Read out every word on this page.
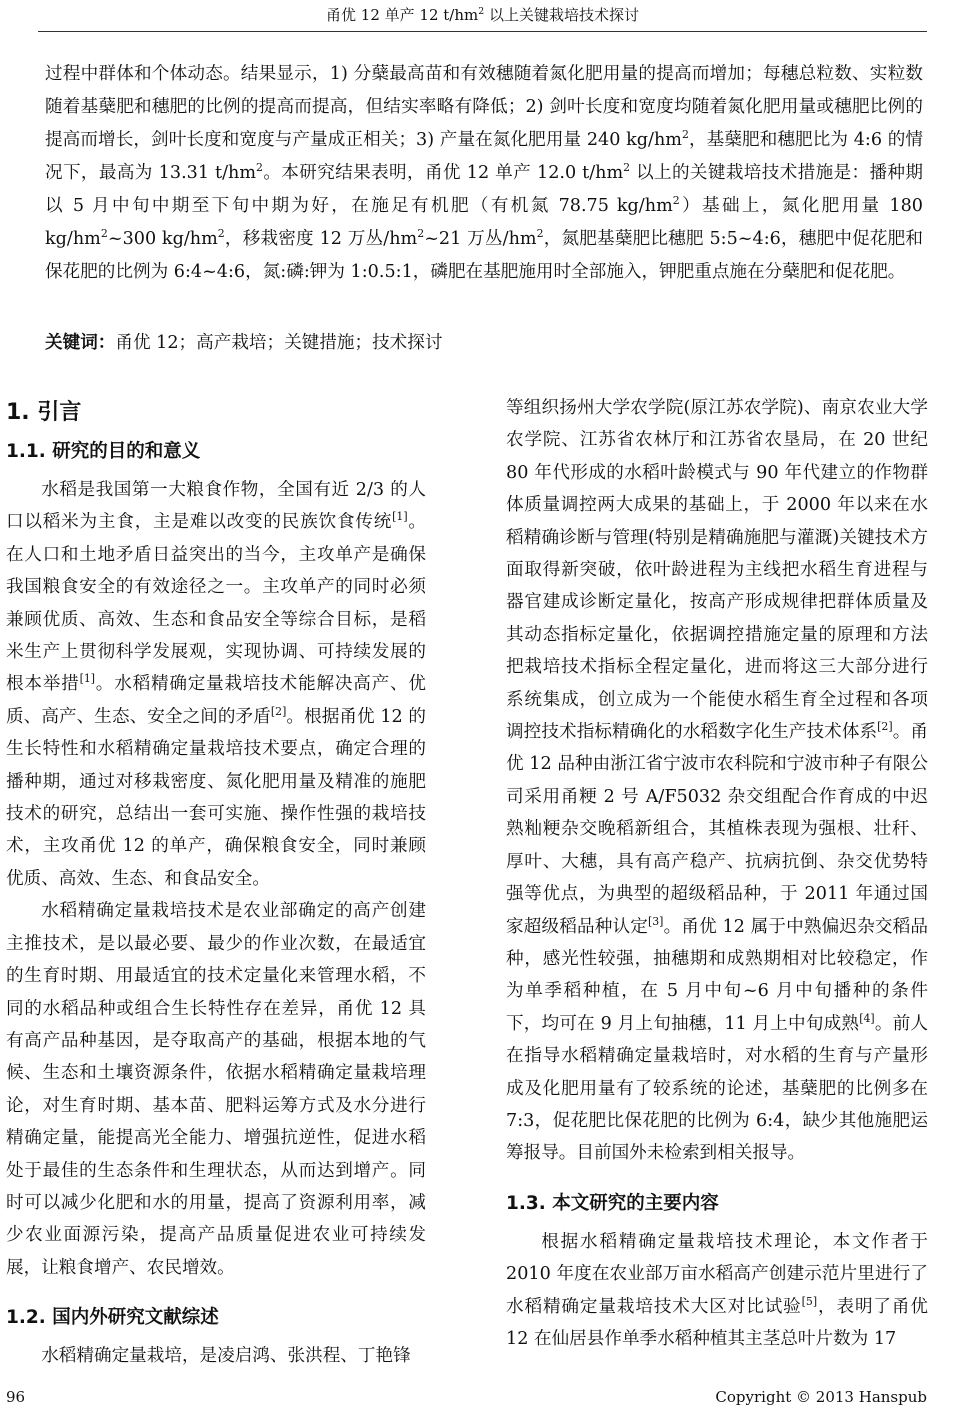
甬优 12 单产 12 $t/hm^2$ 以上关键栽培技术探讨

过程中群体和个体动态。结果显示，1) 分蘖最高苗和有效穗随着氮化肥用量的提高而增加；每穗总粒数、实粒数随着基蘖肥和穗肥的比例的提高而提高，但结实率略有降低；2) 剑叶长度和宽度均随着氮化肥用量或穗肥比例的提高而增长，剑叶长度和宽度与产量成正相关；3) 产量在氮化肥用量 240 $kg/hm^2$，基蘖肥和穗肥比为 4:6 的情况下，最高为 13.31 $t/hm^2$。本研究结果表明，甬优 12 单产 12.0 $t/hm^2$ 以上的关键栽培技术措施是：播种期以 5 月中旬中期至下旬中期为好，在施足有机肥（有机氮 78.75 $kg/hm^2$）基础上，氮化肥用量 180 $kg/hm^2\sim 300$ $kg/hm^2$，移栽密度 12 万丛$/hm^2\sim 21$ 万丛$/hm^2$，氮肥基蘖肥比穗肥 5:5~4:6，穗肥中促花肥和保花肥的比例为 6:4~4:6，氮:磷:钾为 1:0.5:1，磷肥在基肥施用时全部施入，钾肥重点施在分蘖肥和促花肥。

关键词：甬优 12；高产栽培；关键措施；技术探讨
1. 引言
1.1. 研究的目的和意义

水稻是我国第一大粮食作物，全国有近 2/3 的人口以稻米为主食，主是难以改变的民族饮食传统[1]。在人口和土地矛盾日益突出的当今，主攻单产是确保我国粮食安全的有效途径之一。主攻单产的同时必须兼顾优质、高效、生态和食品安全等综合目标，是稻米生产上贯彻科学发展观，实现协调、可持续发展的根本举措[1]。水稻精确定量栽培技术能解决高产、优质、高产、生态、安全之间的矛盾[2]。根据甬优 12 的生长特性和水稻精确定量栽培技术要点，确定合理的播种期，通过对移栽密度、氮化肥用量及精准的施肥技术的研究，总结出一套可实施、操作性强的栽培技术，主攻甬优 12 的单产，确保粮食安全，同时兼顾优质、高效、生态、和食品安全。

水稻精确定量栽培技术是农业部确定的高产创建主推技术，是以最必要、最少的作业次数，在最适宜的生育时期、用最适宜的技术定量化来管理水稻，不同的水稻品种或组合生长特性存在差异，甬优 12 具有高产品种基因，是夺取高产的基础，根据本地的气候、生态和土壤资源条件，依据水稻精确定量栽培理论，对生育时期、基本苗、肥料运筹方式及水分进行精确定量，能提高光全能力、增强抗逆性，促进水稻处于最佳的生态条件和生理状态，从而达到增产。同时可以减少化肥和水的用量，提高了资源利用率，减少农业面源污染，提高产品质量促进农业可持续发展，让粮食增产、农民增效。

1.2. 国内外研究文献综述

水稻精确定量栽培，是凌启鸿、张洪程、丁艳锋

等组织扬州大学农学院(原江苏农学院)、南京农业大学农学院、江苏省农林厅和江苏省农垦局，在 20 世纪 80 年代形成的水稻叶龄模式与 90 年代建立的作物群体质量调控两大成果的基础上，于 2000 年以来在水稻精确诊断与管理(特别是精确施肥与灌溉)关键技术方面取得新突破，依叶龄进程为主线把水稻生育进程与器官建成诊断定量化，按高产形成规律把群体质量及其动态指标定量化，依据调控措施定量的原理和方法把栽培技术指标全程定量化，进而将这三大部分进行系统集成，创立成为一个能使水稻生育全过程和各项调控技术指标精确化的水稻数字化生产技术体系[2]。甬优 12 品种由浙江省宁波市农科院和宁波市种子有限公司采用甬粳 2 号 A/F5032 杂交组配合作育成的中迟熟籼粳杂交晚稻新组合，其植株表现为强根、壮秆、厚叶、大穗，具有高产稳产、抗病抗倒、杂交优势特强等优点，为典型的超级稻品种，于 2011 年通过国家超级稻品种认定[3]。甬优 12 属于中熟偏迟杂交稻品种，感光性较强，抽穗期和成熟期相对比较稳定，作为单季稻种植，在 5 月中旬~6 月中旬播种的条件下，均可在 9 月上旬抽穗，11 月上中旬成熟[4]。前人在指导水稻精确定量栽培时，对水稻的生育与产量形成及化肥用量有了较系统的论述，基蘖肥的比例多在 7:3，促花肥比保花肥的比例为 6:4，缺少其他施肥运筹报导。目前国外未检索到相关报导。

1.3. 本文研究的主要内容

根据水稻精确定量栽培技术理论，本文作者于 2010 年度在农业部万亩水稻高产创建示范片里进行了水稻精确定量栽培技术大区对比试验[5]，表明了甬优 12 在仙居县作单季水稻种植其主茎总叶片数为 17

96	Copyright © 2013 Hanspub
